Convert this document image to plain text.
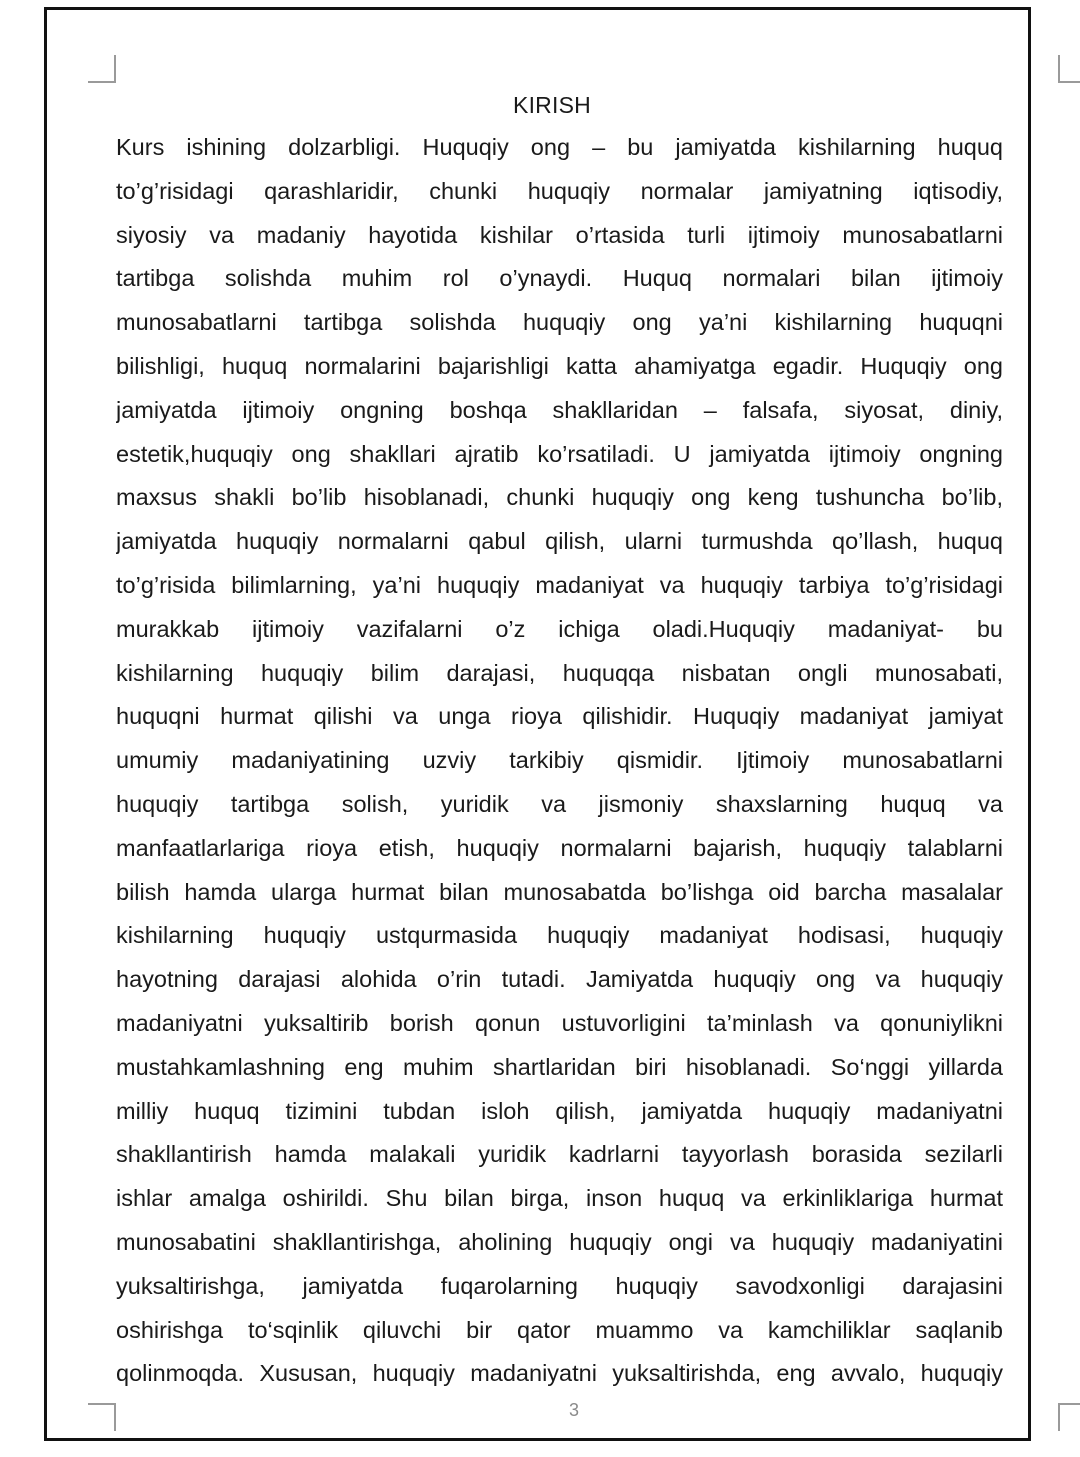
KIRISH
Kurs ishining dolzarbligi. Huquqiy ong – bu jamiyatda kishilarning huquq
to’g’risidagi qarashlaridir, chunki huquqiy normalar jamiyatning iqtisodiy,
siyosiy va madaniy hayotida kishilar o’rtasida turli ijtimoiy munosabatlarni
tartibga solishda muhim rol o’ynaydi. Huquq normalari bilan ijtimoiy
munosabatlarni tartibga solishda huquqiy ong ya’ni kishilarning huquqni
bilishligi, huquq normalarini bajarishligi katta ahamiyatga egadir. Huquqiy ong
jamiyatda ijtimoiy ongning boshqa shakllaridan – falsafa, siyosat, diniy,
estetik,huquqiy ong shakllari ajratib ko’rsatiladi. U jamiyatda ijtimoiy ongning
maxsus shakli bo’lib hisoblanadi, chunki huquqiy ong keng tushuncha bo’lib,
jamiyatda huquqiy normalarni qabul qilish, ularni turmushda qo’llash, huquq
to’g’risida bilimlarning, ya’ni huquqiy madaniyat va huquqiy tarbiya to’g’risidagi
murakkab ijtimoiy vazifalarni o’z ichiga oladi.Huquqiy madaniyat- bu
kishilarning huquqiy bilim darajasi, huquqqa nisbatan ongli munosabati,
huquqni hurmat qilishi va unga rioya qilishidir. Huquqiy madaniyat jamiyat
umumiy madaniyatining uzviy tarkibiy qismidir. Ijtimoiy munosabatlarni
huquqiy tartibga solish, yuridik va jismoniy shaxslarning huquq va
manfaatlarlariga rioya etish, huquqiy normalarni bajarish, huquqiy talablarni
bilish hamda ularga hurmat bilan munosabatda bo’lishga oid barcha masalalar
kishilarning huquqiy ustqurmasida huquqiy madaniyat hodisasi, huquqiy
hayotning darajasi alohida o’rin tutadi. Jamiyatda huquqiy ong va huquqiy
madaniyatni yuksaltirib borish qonun ustuvorligini ta’minlash va qonuniylikni
mustahkamlashning eng muhim shartlaridan biri hisoblanadi. So‘nggi yillarda
milliy huquq tizimini tubdan isloh qilish, jamiyatda huquqiy madaniyatni
shakllantirish hamda malakali yuridik kadrlarni tayyorlash borasida sezilarli
ishlar amalga oshirildi. Shu bilan birga, inson huquq va erkinliklariga hurmat
munosabatini shakllantirishga, aholining huquqiy ongi va huquqiy madaniyatini
yuksaltirishga, jamiyatda fuqarolarning huquqiy savodxonligi darajasini
oshirishga to‘sqinlik qiluvchi bir qator muammo va kamchiliklar saqlanib
qolinmoqda. Xususan, huquqiy madaniyatni yuksaltirishda, eng avvalo, huquqiy
3
